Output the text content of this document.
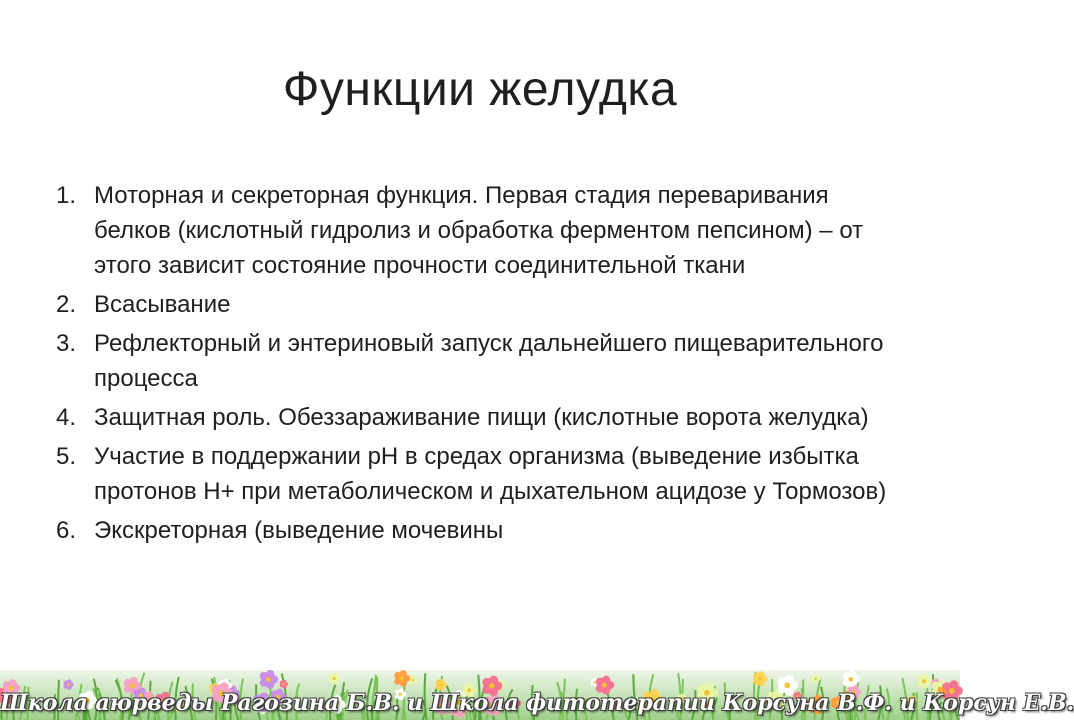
Функции желудка
1. Моторная и секреторная функция. Первая стадия переваривания белков (кислотный гидролиз и обработка ферментом пепсином) – от этого зависит состояние прочности соединительной ткани
2. Всасывание
3. Рефлекторный и энтериновый запуск дальнейшего пищеварительного процесса
4. Защитная роль. Обеззараживание пищи (кислотные ворота желудка)
5. Участие в поддержании pH в средах организма (выведение избытка протонов H+ при метаболическом и дыхательном ацидозе у Тормозов)
6. Экскреторная (выведение мочевины
Школа аюрведы Рагозина Б.В. и Школа фитотерапии Корсуна В.Ф. и Корсун Е.В.
